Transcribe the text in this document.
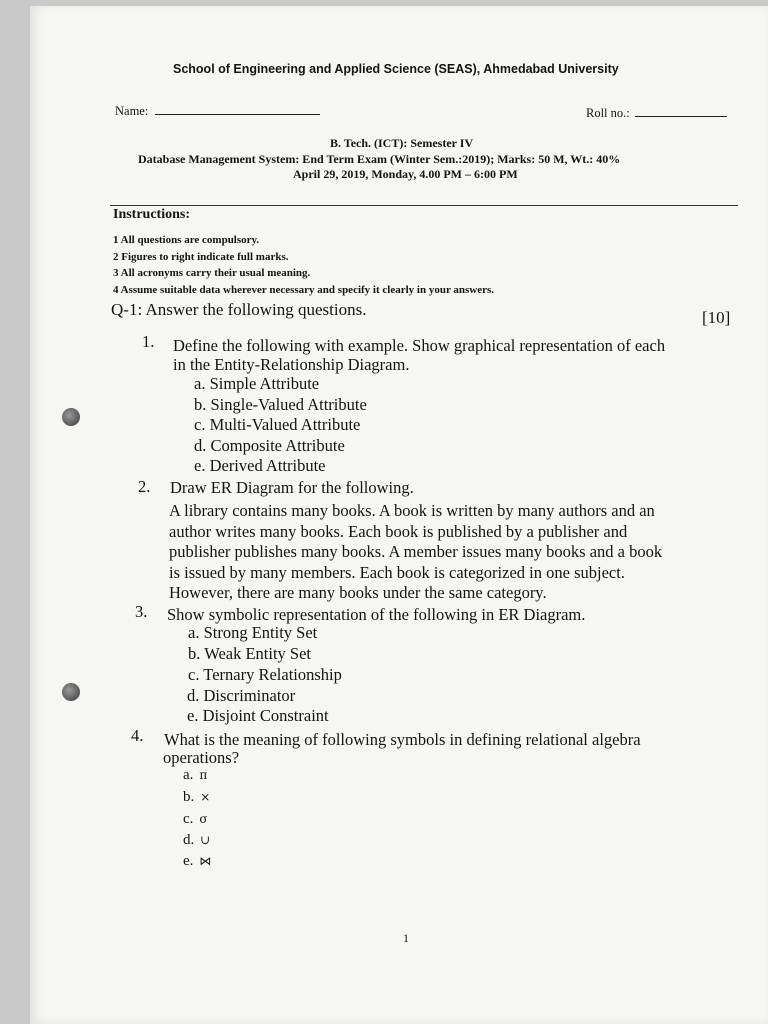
School of Engineering and Applied Science (SEAS), Ahmedabad University
Name:	Roll no.:
B. Tech. (ICT): Semester IV
Database Management System: End Term Exam (Winter Sem.:2019); Marks: 50 M, Wt.: 40%
April 29, 2019, Monday, 4.00 PM – 6:00 PM
Instructions:
1 All questions are compulsory.
2 Figures to right indicate full marks.
3 All acronyms carry their usual meaning.
4 Assume suitable data wherever necessary and specify it clearly in your answers.
Q-1: Answer the following questions.	[10]
1. Define the following with example. Show graphical representation of each
in the Entity-Relationship Diagram.
a. Simple Attribute
b. Single-Valued Attribute
c. Multi-Valued Attribute
d. Composite Attribute
e. Derived Attribute
2. Draw ER Diagram for the following.
A library contains many books. A book is written by many authors and an
author writes many books. Each book is published by a publisher and
publisher publishes many books. A member issues many books and a book
is issued by many members. Each book is categorized in one subject.
However, there are many books under the same category.
3. Show symbolic representation of the following in ER Diagram.
a. Strong Entity Set
b. Weak Entity Set
c. Ternary Relationship
d. Discriminator
e. Disjoint Constraint
4. What is the meaning of following symbols in defining relational algebra
operations?
a. π
b. ×
c. σ
d. ∪
e. ⋈
1
